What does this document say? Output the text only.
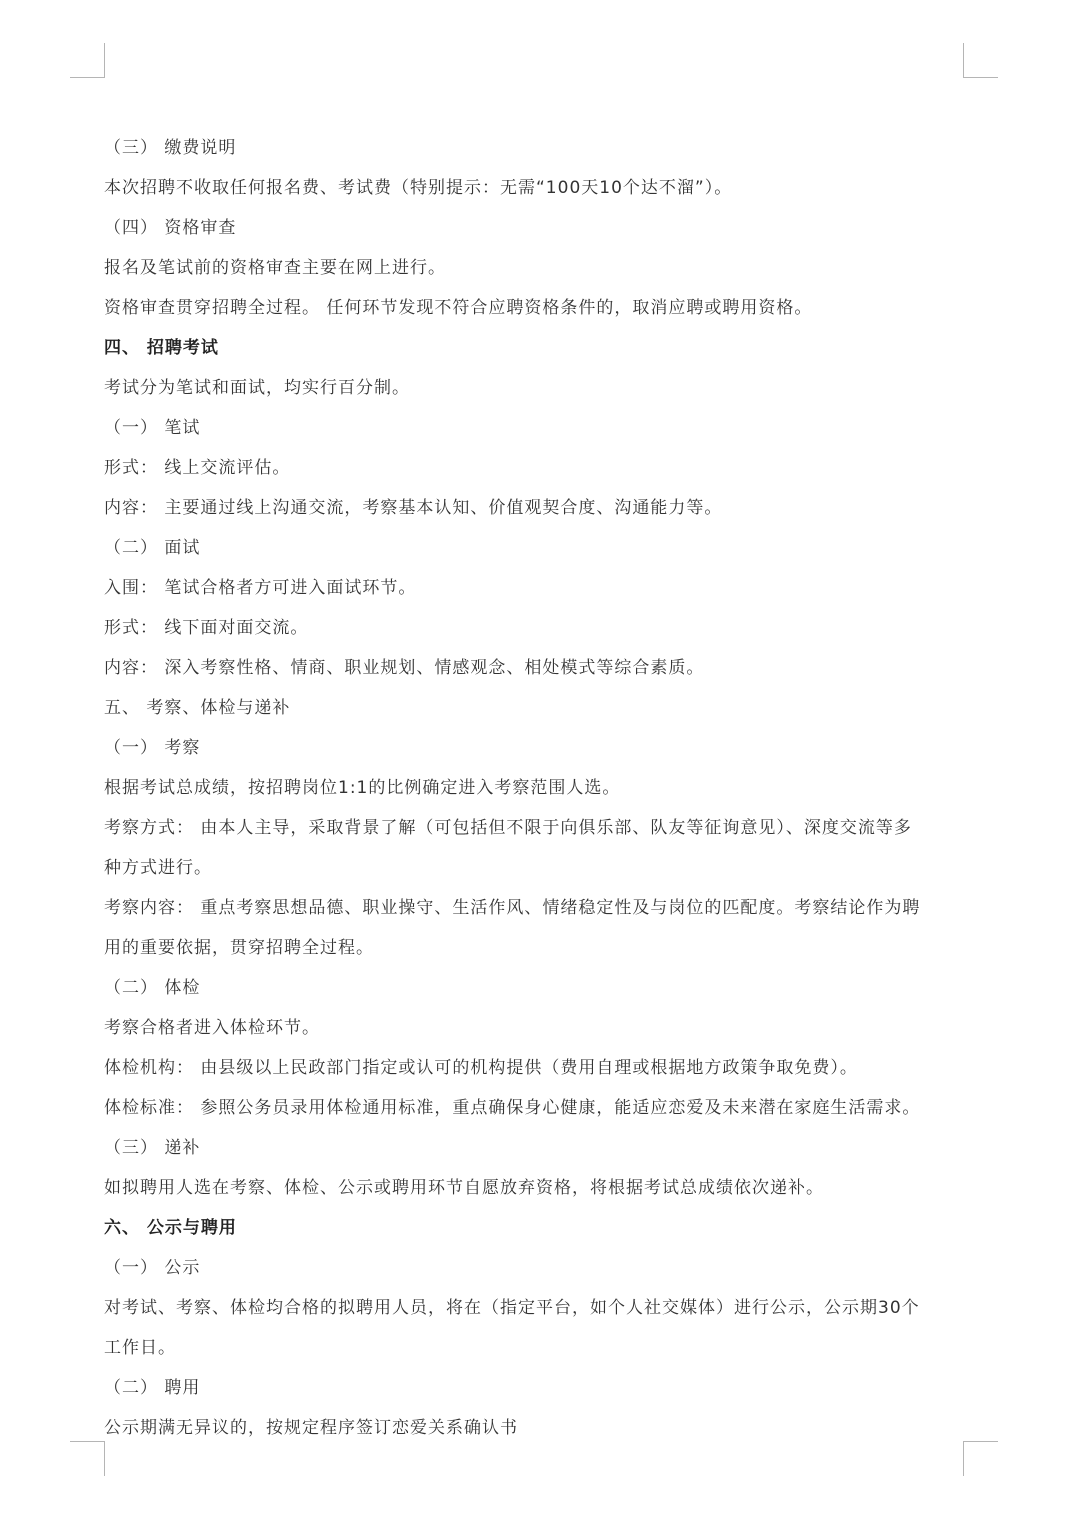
（三） 缴费说明
本次招聘不收取任何报名费、考试费（特别提示：无需“100天10个达不溜”）。
（四） 资格审查
报名及笔试前的资格审查主要在网上进行。
资格审查贯穿招聘全过程。 任何环节发现不符合应聘资格条件的，取消应聘或聘用资格。
四、 招聘考试
考试分为笔试和面试，均实行百分制。
（一） 笔试
形式： 线上交流评估。
内容： 主要通过线上沟通交流，考察基本认知、价值观契合度、沟通能力等。
（二） 面试
入围： 笔试合格者方可进入面试环节。
形式： 线下面对面交流。
内容： 深入考察性格、情商、职业规划、情感观念、相处模式等综合素质。
五、 考察、体检与递补
（一） 考察
根据考试总成绩，按招聘岗位1:1的比例确定进入考察范围人选。
考察方式： 由本人主导，采取背景了解（可包括但不限于向俱乐部、队友等征询意见）、深度交流等多
种方式进行。
考察内容： 重点考察思想品德、职业操守、生活作风、情绪稳定性及与岗位的匹配度。考察结论作为聘
用的重要依据，贯穿招聘全过程。
（二） 体检
考察合格者进入体检环节。
体检机构： 由县级以上民政部门指定或认可的机构提供（费用自理或根据地方政策争取免费）。
体检标准： 参照公务员录用体检通用标准，重点确保身心健康，能适应恋爱及未来潜在家庭生活需求。
（三） 递补
如拟聘用人选在考察、体检、公示或聘用环节自愿放弃资格，将根据考试总成绩依次递补。
六、 公示与聘用
（一） 公示
对考试、考察、体检均合格的拟聘用人员，将在（指定平台，如个人社交媒体）进行公示，公示期30个
工作日。
（二） 聘用
公示期满无异议的，按规定程序签订恋爱关系确认书
